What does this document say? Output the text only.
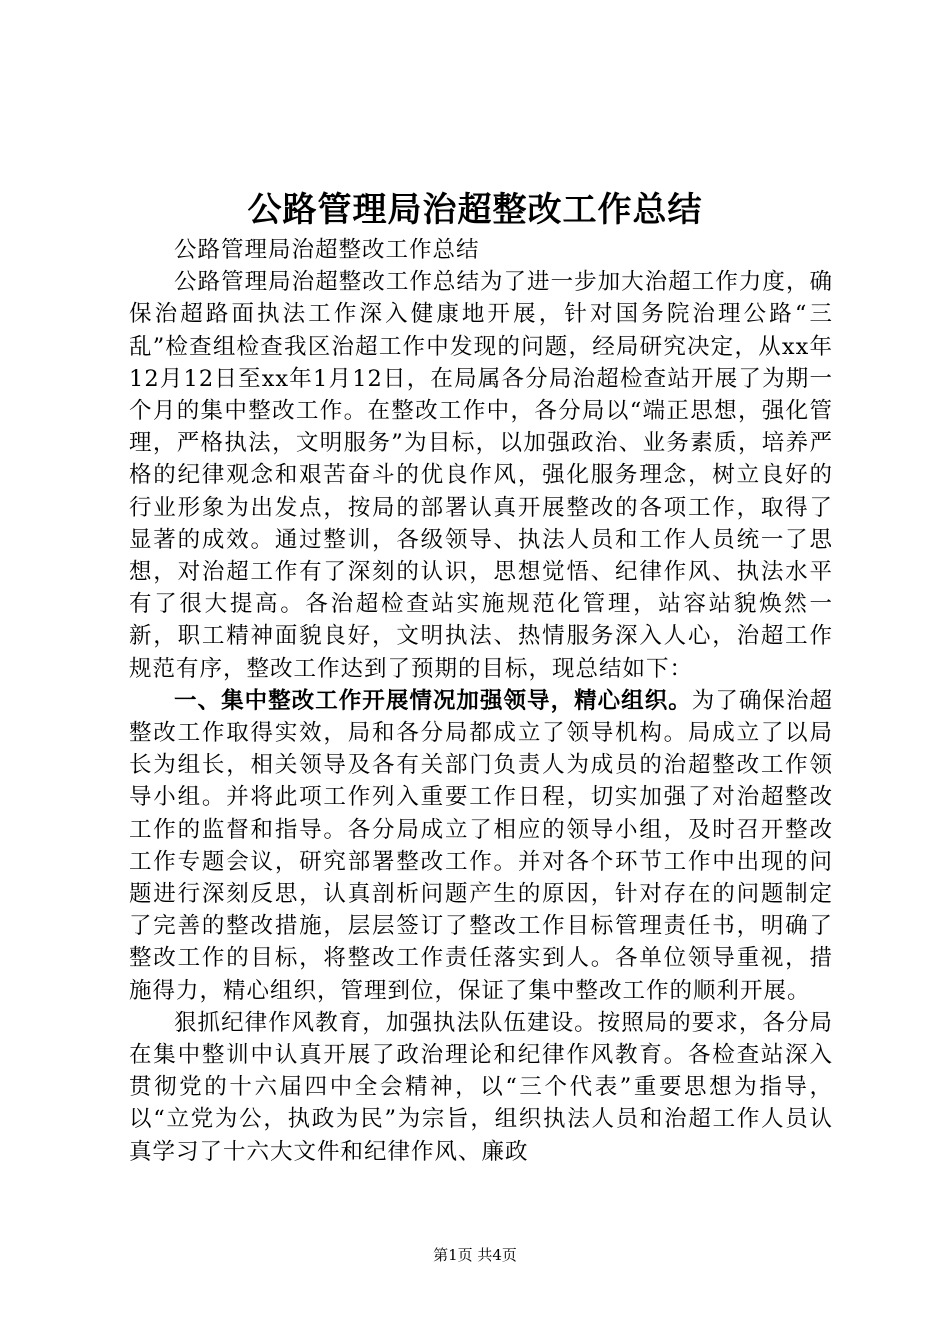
公路管理局治超整改工作总结

公路管理局治超整改工作总结

公路管理局治超整改工作总结为了进一步加大治超工作力度，确保治超路面执法工作深入健康地开展，针对国务院治理公路“三乱”检查组检查我区治超工作中发现的问题，经局研究决定，从xx年12月12日至xx年1月12日，在局属各分局治超检查站开展了为期一个月的集中整改工作。在整改工作中，各分局以“端正思想，强化管理，严格执法，文明服务”为目标，以加强政治、业务素质，培养严格的纪律观念和艰苦奋斗的优良作风，强化服务理念，树立良好的行业形象为出发点，按局的部署认真开展整改的各项工作，取得了显著的成效。通过整训，各级领导、执法人员和工作人员统一了思想，对治超工作有了深刻的认识，思想觉悟、纪律作风、执法水平有了很大提高。各治超检查站实施规范化管理，站容站貌焕然一新，职工精神面貌良好，文明执法、热情服务深入人心，治超工作规范有序，整改工作达到了预期的目标，现总结如下：

一、集中整改工作开展情况加强领导，精心组织。为了确保治超整改工作取得实效，局和各分局都成立了领导机构。局成立了以局长为组长，相关领导及各有关部门负责人为成员的治超整改工作领导小组。并将此项工作列入重要工作日程，切实加强了对治超整改工作的监督和指导。各分局成立了相应的领导小组，及时召开整改工作专题会议，研究部署整改工作。并对各个环节工作中出现的问题进行深刻反思，认真剖析问题产生的原因，针对存在的问题制定了完善的整改措施，层层签订了整改工作目标管理责任书，明确了整改工作的目标，将整改工作责任落实到人。各单位领导重视，措施得力，精心组织，管理到位，保证了集中整改工作的顺利开展。

狠抓纪律作风教育，加强执法队伍建设。按照局的要求，各分局在集中整训中认真开展了政治理论和纪律作风教育。各检查站深入贯彻党的十六届四中全会精神，以“三个代表”重要思想为指导，以“立党为公，执政为民”为宗旨，组织执法人员和治超工作人员认真学习了十六大文件和纪律作风、廉政

第1页 共4页
